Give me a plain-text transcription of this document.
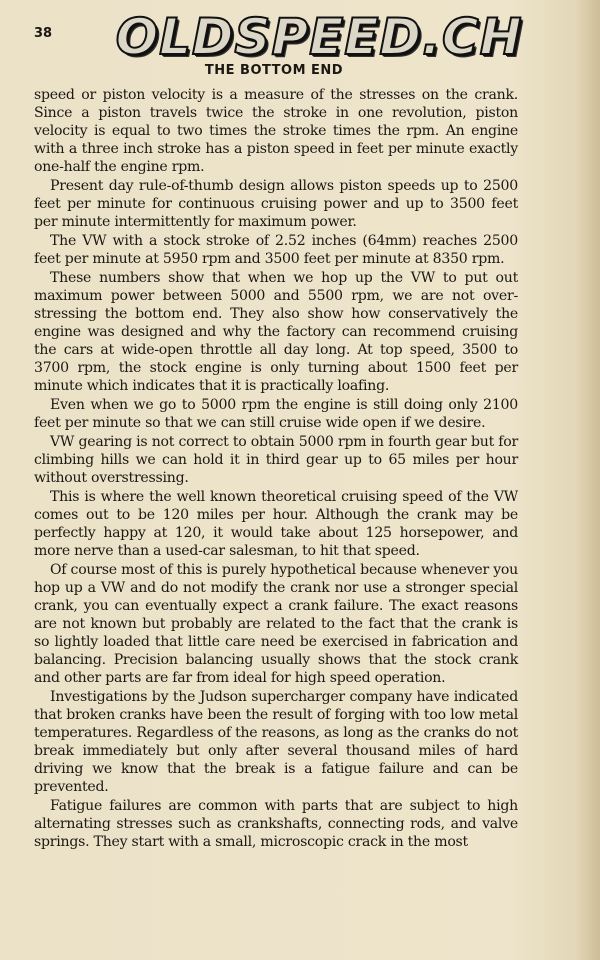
38	OLDSPEED.CH
THE BOTTOM END

speed or piston velocity is a measure of the stresses on the crank. Since a piston travels twice the stroke in one revolution, piston velocity is equal to two times the stroke times the rpm. An engine with a three inch stroke has a piston speed in feet per minute exactly one-half the engine rpm.

Present day rule-of-thumb design allows piston speeds up to 2500 feet per minute for continuous cruising power and up to 3500 feet per minute intermittently for maximum power.

The VW with a stock stroke of 2.52 inches (64mm) reaches 2500 feet per minute at 5950 rpm and 3500 feet per minute at 8350 rpm.

These numbers show that when we hop up the VW to put out maximum power between 5000 and 5500 rpm, we are not over-stressing the bottom end. They also show how conservatively the engine was designed and why the factory can recommend cruising the cars at wide-open throttle all day long. At top speed, 3500 to 3700 rpm, the stock engine is only turning about 1500 feet per minute which indicates that it is practically loafing.

Even when we go to 5000 rpm the engine is still doing only 2100 feet per minute so that we can still cruise wide open if we desire.

VW gearing is not correct to obtain 5000 rpm in fourth gear but for climbing hills we can hold it in third gear up to 65 miles per hour without overstressing.

This is where the well known theoretical cruising speed of the VW comes out to be 120 miles per hour. Although the crank may be perfectly happy at 120, it would take about 125 horsepower, and more nerve than a used-car salesman, to hit that speed.

Of course most of this is purely hypothetical because whenever you hop up a VW and do not modify the crank nor use a stronger special crank, you can eventually expect a crank failure. The exact reasons are not known but probably are related to the fact that the crank is so lightly loaded that little care need be exercised in fabrication and balancing. Precision balancing usually shows that the stock crank and other parts are far from ideal for high speed operation.

Investigations by the Judson supercharger company have indicated that broken cranks have been the result of forging with too low metal temperatures. Regardless of the reasons, as long as the cranks do not break immediately but only after several thousand miles of hard driving we know that the break is a fatigue failure and can be prevented.

Fatigue failures are common with parts that are subject to high alternating stresses such as crankshafts, connecting rods, and valve springs. They start with a small, microscopic crack in the most
